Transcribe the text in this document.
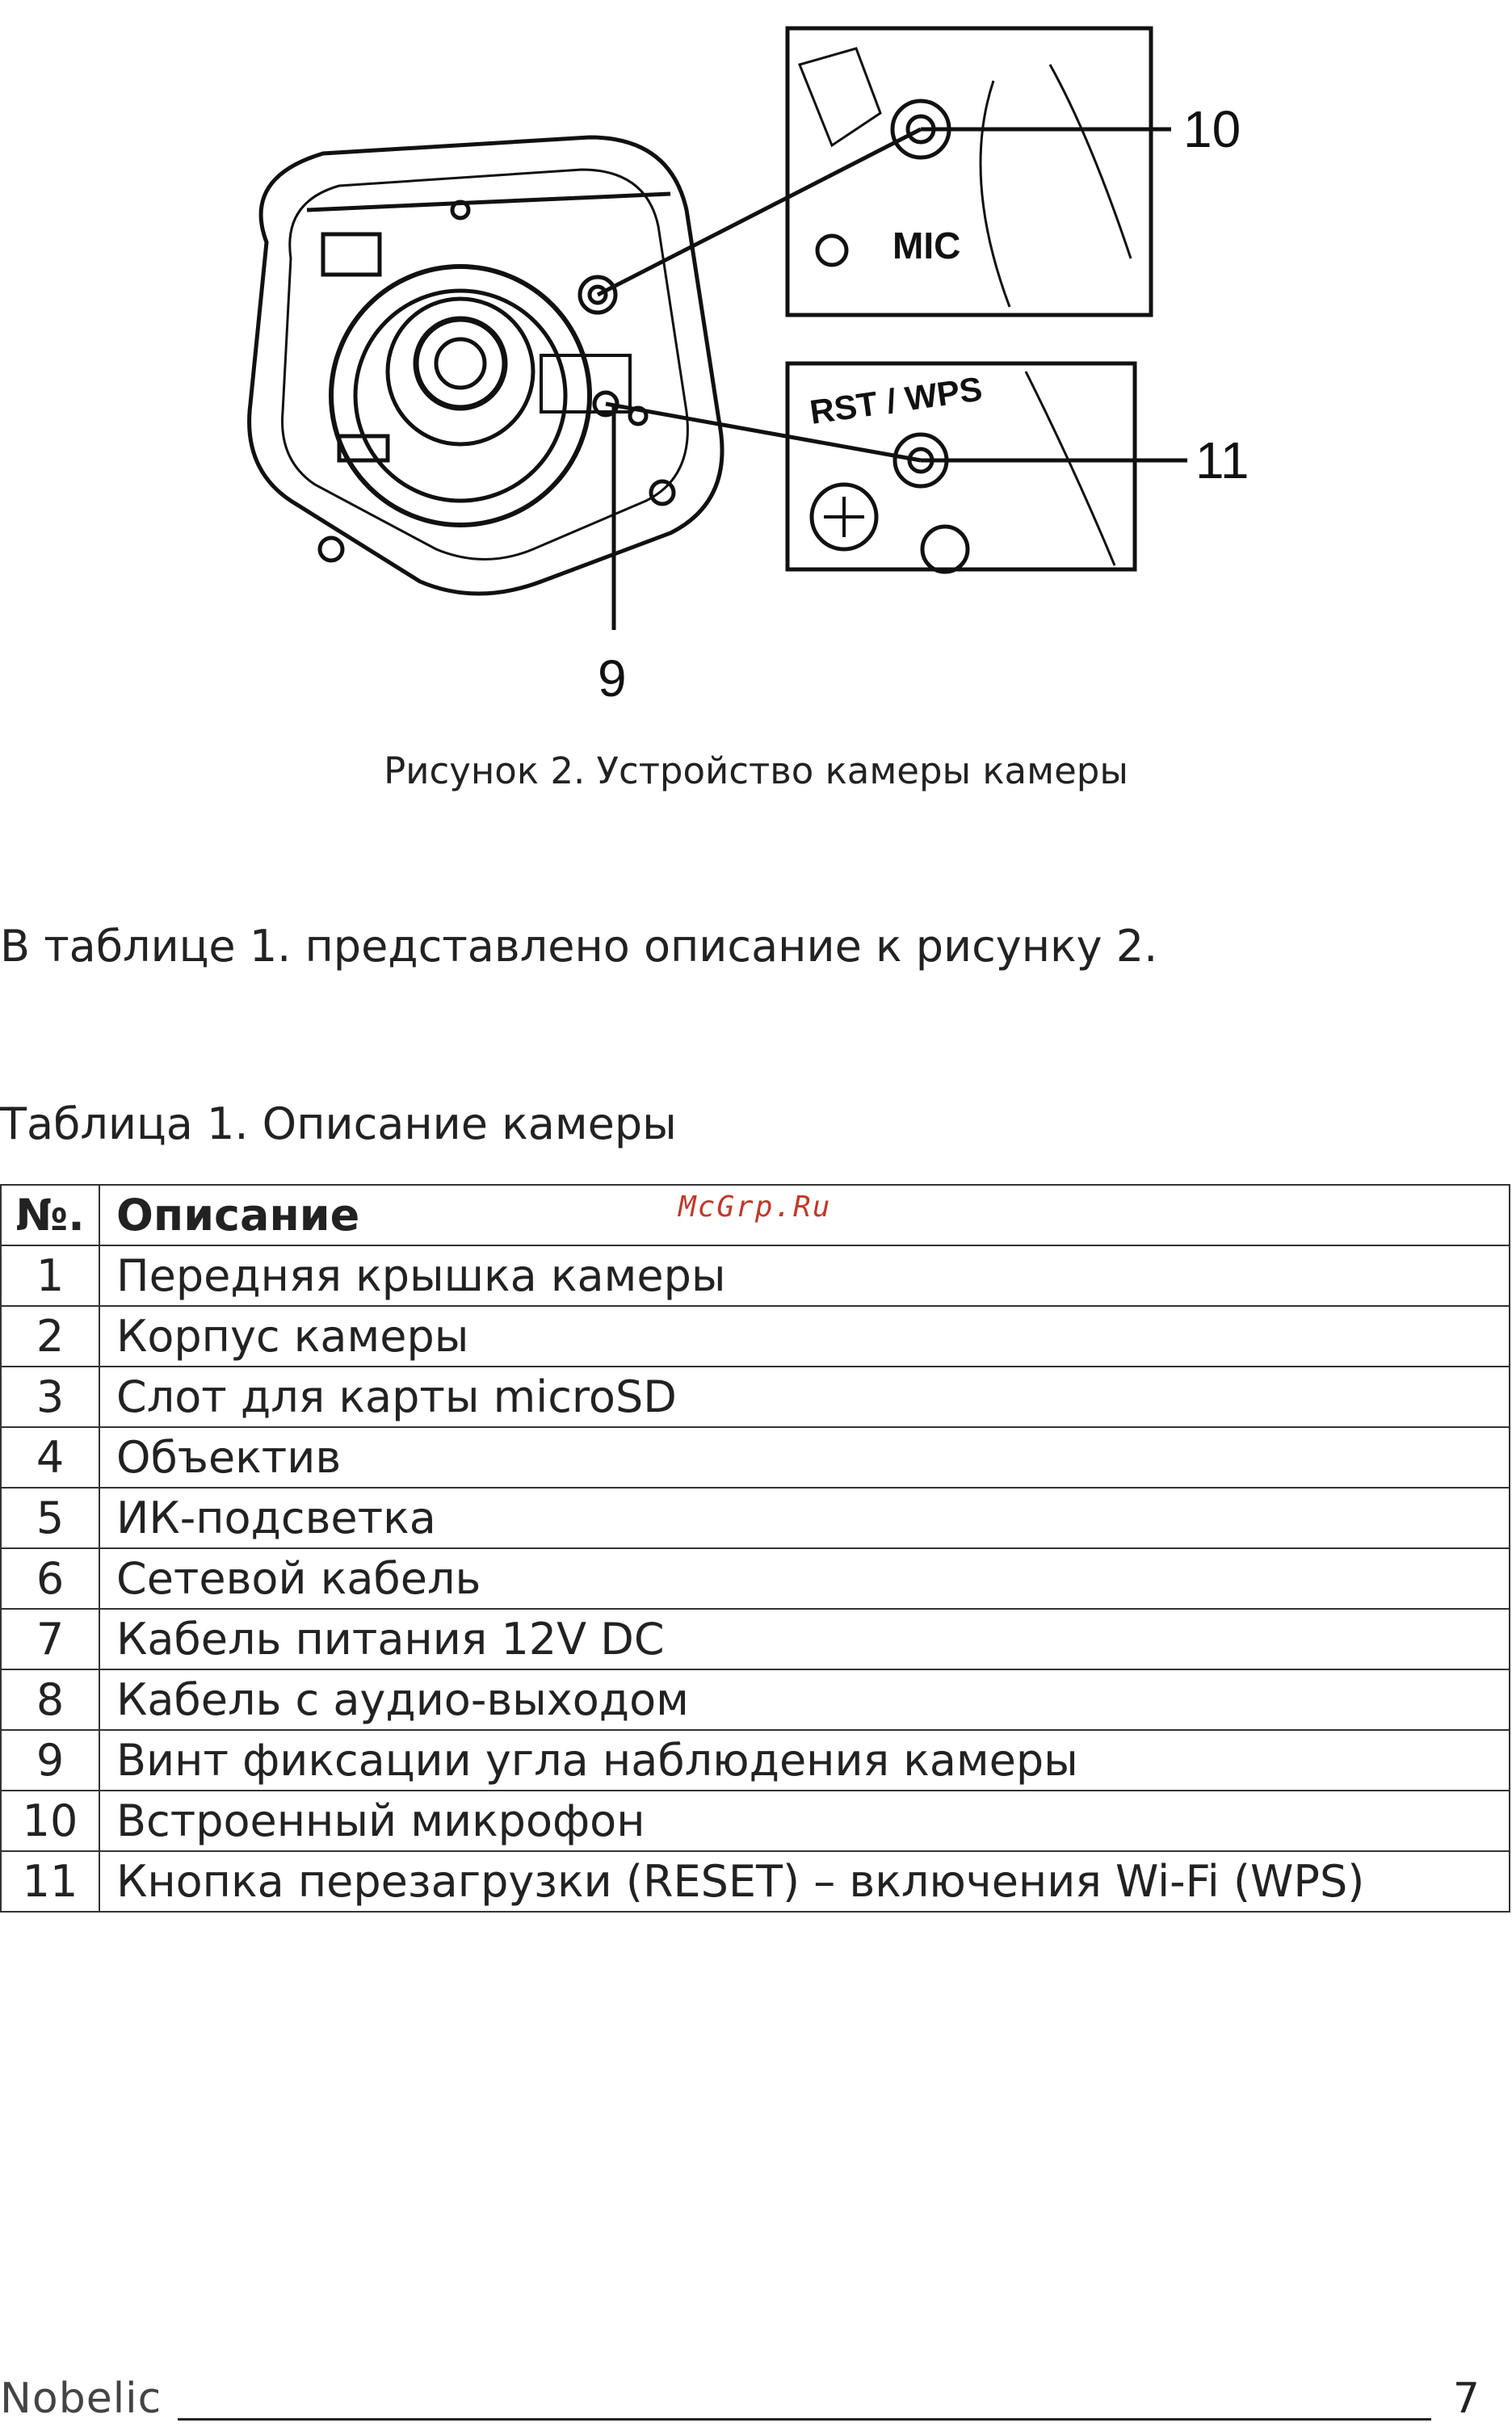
MIC
RST / WPS
10
11
9
Рисунок 2. Устройство камеры камеры
В таблице 1. представлено описание к рисунку 2.
Таблица 1. Описание камеры
McGrp.Ru
№.	Описание
1	Передняя крышка камеры
2	Корпус камеры
3	Слот для карты microSD
4	Объектив
5	ИК-подсветка
6	Сетевой кабель
7	Кабель питания 12V DC
8	Кабель с аудио-выходом
9	Винт фиксации угла наблюдения камеры
10	Встроенный микрофон
11	Кнопка перезагрузки (RESET) – включения Wi-Fi (WPS)
Nobelic	7
